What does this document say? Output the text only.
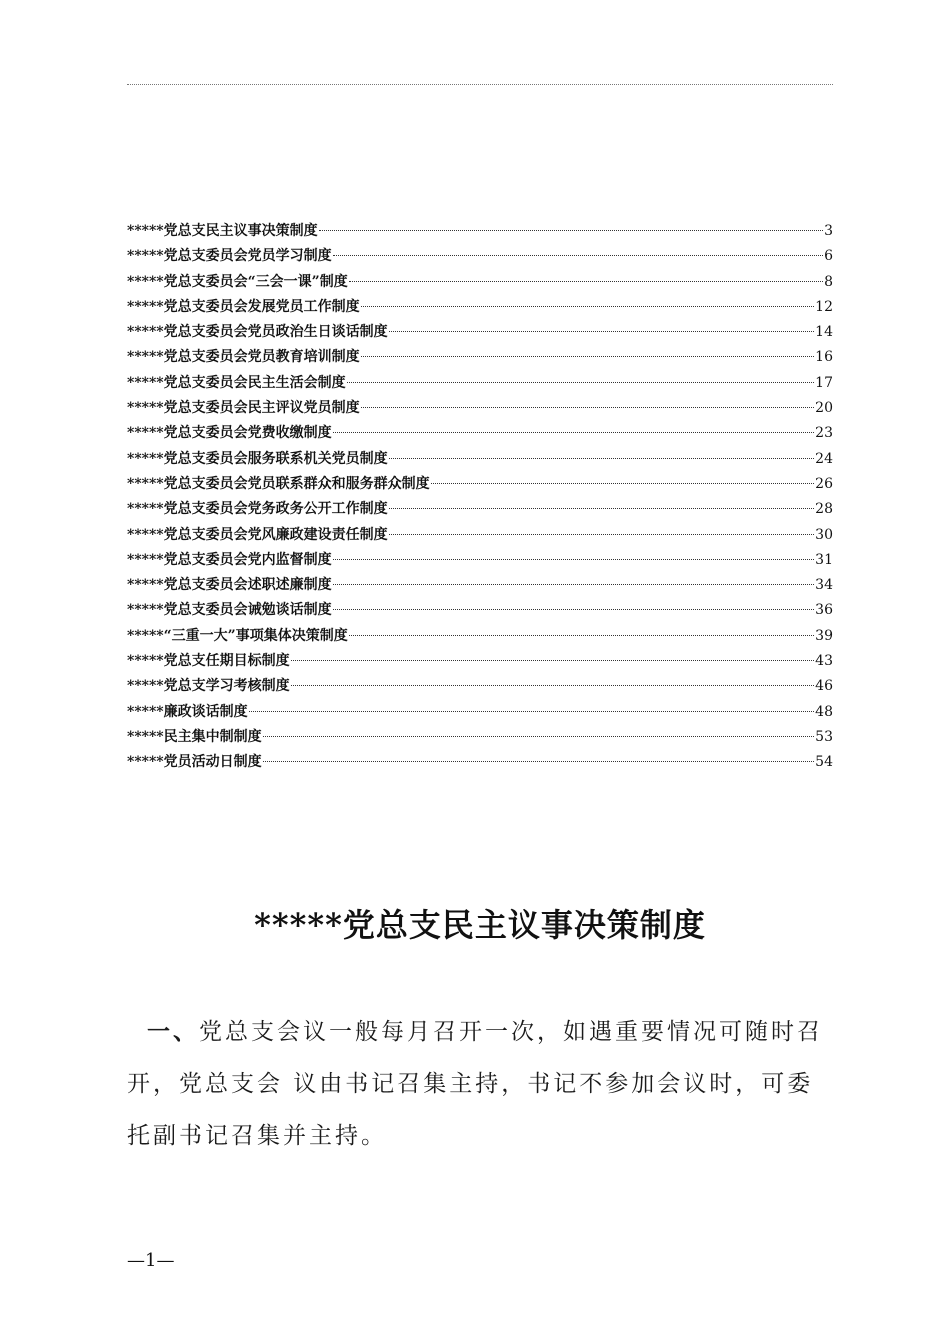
*****党总支民主议事决策制度	3
*****党总支委员会党员学习制度	6
*****党总支委员会“三会一课”制度	8
*****党总支委员会发展党员工作制度	12
*****党总支委员会党员政治生日谈话制度	14
*****党总支委员会党员教育培训制度	16
*****党总支委员会民主生活会制度	17
*****党总支委员会民主评议党员制度	20
*****党总支委员会党费收缴制度	23
*****党总支委员会服务联系机关党员制度	24
*****党总支委员会党员联系群众和服务群众制度	26
*****党总支委员会党务政务公开工作制度	28
*****党总支委员会党风廉政建设责任制度	30
*****党总支委员会党内监督制度	31
*****党总支委员会述职述廉制度	34
*****党总支委员会诫勉谈话制度	36
*****“三重一大”事项集体决策制度	39
*****党总支任期目标制度	43
*****党总支学习考核制度	46
*****廉政谈话制度	48
*****民主集中制制度	53
*****党员活动日制度	54
*****党总支民主议事决策制度

一、党总支会议一般每月召开一次，如遇重要情况可随时召开，党总支会 议由书记召集主持，书记不参加会议时，可委托副书记召集并主持。

—1—
